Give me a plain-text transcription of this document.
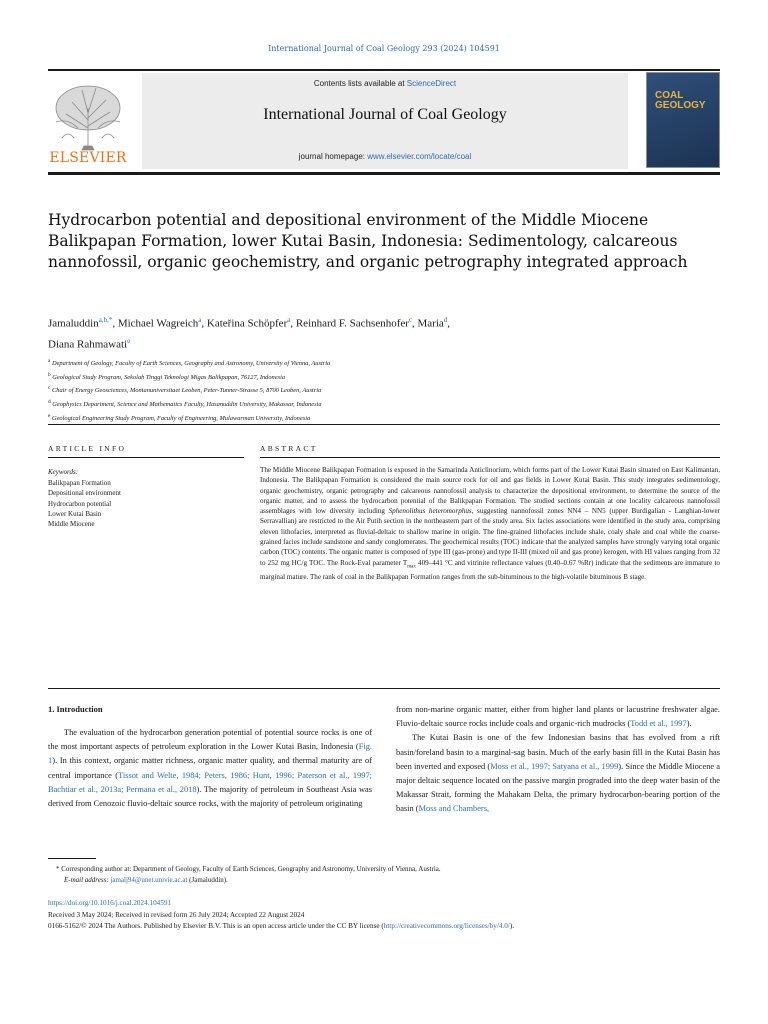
International Journal of Coal Geology 293 (2024) 104591
ELSEVIER
Contents lists available at ScienceDirect
International Journal of Coal Geology
journal homepage: www.elsevier.com/locate/coal
COAL GEOLOGY
Hydrocarbon potential and depositional environment of the Middle Miocene Balikpapan Formation, lower Kutai Basin, Indonesia: Sedimentology, calcareous nannofossil, organic geochemistry, and organic petrography integrated approach
Jamaluddin$^{a,b,*}$, Michael Wagreich$^a$, Kateřina Schöpfer$^a$, Reinhard F. Sachsenhofer$^c$, Maria$^d$,
Diana Rahmawati$^e$
$^a$ Department of Geology, Faculty of Earth Sciences, Geography and Astronomy, University of Vienna, Austria
$^b$ Geological Study Program, Sekolah Tinggi Teknologi Migas Balikpapan, 76127, Indonesia
$^c$ Chair of Energy Geosciences, Montanuniversitaet Leoben, Peter-Tunner-Strasse 5, 8700 Leoben, Austria
$^d$ Geophysics Department, Science and Mathematics Faculty, Hasanuddin University, Makassar, Indonesia
$^e$ Geological Engineering Study Program, Faculty of Engineering, Mulawarman University, Indonesia
ARTICLE INFO	ABSTRACT
Keywords:
Balikpapan Formation
Depositional environment
Hydrocarbon potential
Lower Kutai Basin
Middle Miocene
The Middle Miocene Balikpapan Formation is exposed in the Samarinda Anticlinorium, which forms part of the Lower Kutai Basin situated on East Kalimantan, Indonesia. The Balikpapan Formation is considered the main source rock for oil and gas fields in Lower Kutai Basin. This study integrates sedimentology, organic geochemistry, organic petrography and calcareous nannofossil analysis to characterize the depositional environment, to determine the source of the organic matter, and to assess the hydrocarbon potential of the Balikpapan Formation. The studied sections contain at one locality calcareous nannofossil assemblages with low diversity including Sphenolithus heteromorphus, suggesting nannofossil zones NN4 – NN5 (upper Burdigalian - Langhian-lower Serravallian) are restricted to the Air Putih section in the northeastern part of the study area. Six facies associations were identified in the study area, comprising eleven lithofacies, interpreted as fluvial-deltaic to shallow marine in origin. The fine-grained lithofacies include shale, coaly shale and coal while the coarse-grained facies include sandstone and sandy conglomerates. The geochemical results (TOC) indicate that the analyzed samples have strongly varying total organic carbon (TOC) contents. The organic matter is composed of type III (gas-prone) and type II-III (mixed oil and gas prone) kerogen, with HI values ranging from 32 to 252 mg HC/g TOC. The Rock-Eval parameter $T_{max}$ 409–441 °C and vitrinite reflectance values (0.40–0.67 %Rr) indicate that the sediments are immature to marginal mature. The rank of coal in the Balikpapan Formation ranges from the sub-bituminous to the high-volatile bituminous B stage.
1. Introduction

The evaluation of the hydrocarbon generation potential of potential source rocks is one of the most important aspects of petroleum exploration in the Lower Kutai Basin, Indonesia (Fig. 1). In this context, organic matter richness, organic matter quality, and thermal maturity are of central importance (Tissot and Welte, 1984; Peters, 1986; Hunt, 1996; Paterson et al., 1997; Bachtiar et al., 2013a; Permana et al., 2018). The majority of petroleum in Southeast Asia was derived from Cenozoic fluvio-deltaic source rocks, with the majority of petroleum originating

from non-marine organic matter, either from higher land plants or lacustrine freshwater algae. Fluvio-deltaic source rocks include coals and organic-rich mudrocks (Todd et al., 1997).

The Kutai Basin is one of the few Indonesian basins that has evolved from a rift basin/foreland basin to a marginal-sag basin. Much of the early basin fill in the Kutai Basin has been inverted and exposed (Moss et al., 1997; Satyana et al., 1999). Since the Middle Miocene a major deltaic sequence located on the passive margin prograded into the deep water basin of the Makassar Strait, forming the Mahakam Delta, the primary hydrocarbon-bearing portion of the basin (Moss and Chambers,

* Corresponding author at: Department of Geology, Faculty of Earth Sciences, Geography and Astronomy, University of Vienna, Austria.
E-mail address: jamalj94@unet.univie.ac.at (Jamaluddin).
https://doi.org/10.1016/j.coal.2024.104591
Received 3 May 2024; Received in revised form 26 July 2024; Accepted 22 August 2024
0166-5162/© 2024 The Authors. Published by Elsevier B.V. This is an open access article under the CC BY license (http://creativecommons.org/licenses/by/4.0/).
